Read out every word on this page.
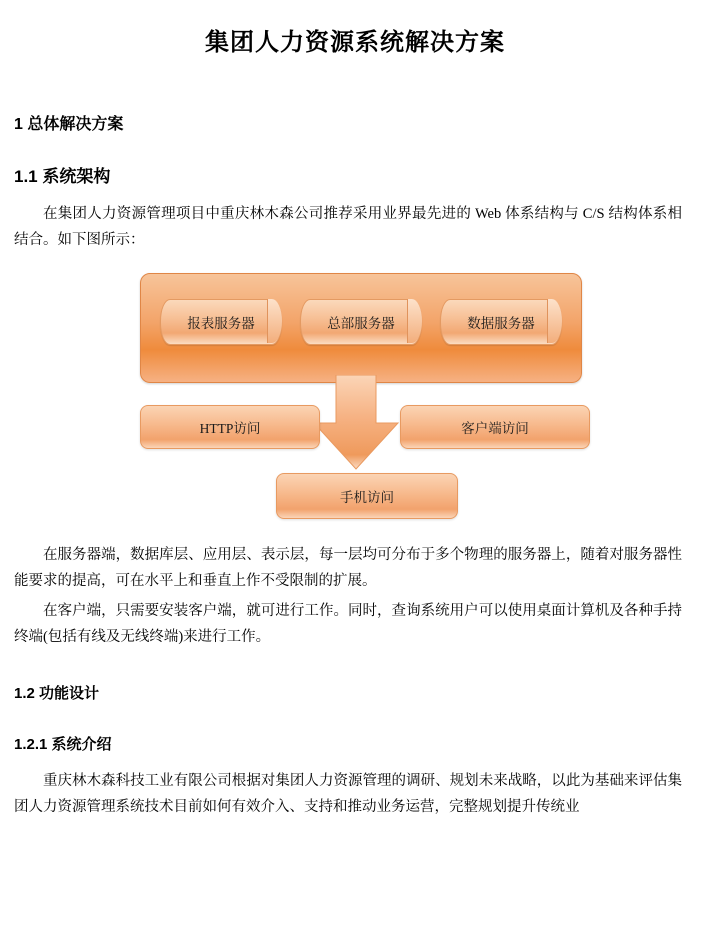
集团人力资源系统解决方案
1 总体解决方案
1.1 系统架构

在集团人力资源管理项目中重庆林木森公司推荐采用业界最先进的 Web 体系结构与 C/S 结构体系相结合。如下图所示：

报表服务器	总部服务器	数据服务器
HTTP访问	客户端访问
手机访问

在服务器端，数据库层、应用层、表示层，每一层均可分布于多个物理的服务器上，随着对服务器性能要求的提高，可在水平上和垂直上作不受限制的扩展。

在客户端，只需要安装客户端，就可进行工作。同时，查询系统用户可以使用桌面计算机及各种手持终端(包括有线及无线终端)来进行工作。

1.2 功能设计
1.2.1 系统介绍

重庆林木森科技工业有限公司根据对集团人力资源管理的调研、规划未来战略，以此为基础来评估集团人力资源管理系统技术目前如何有效介入、支持和推动业务运营，完整规划提升传统业
